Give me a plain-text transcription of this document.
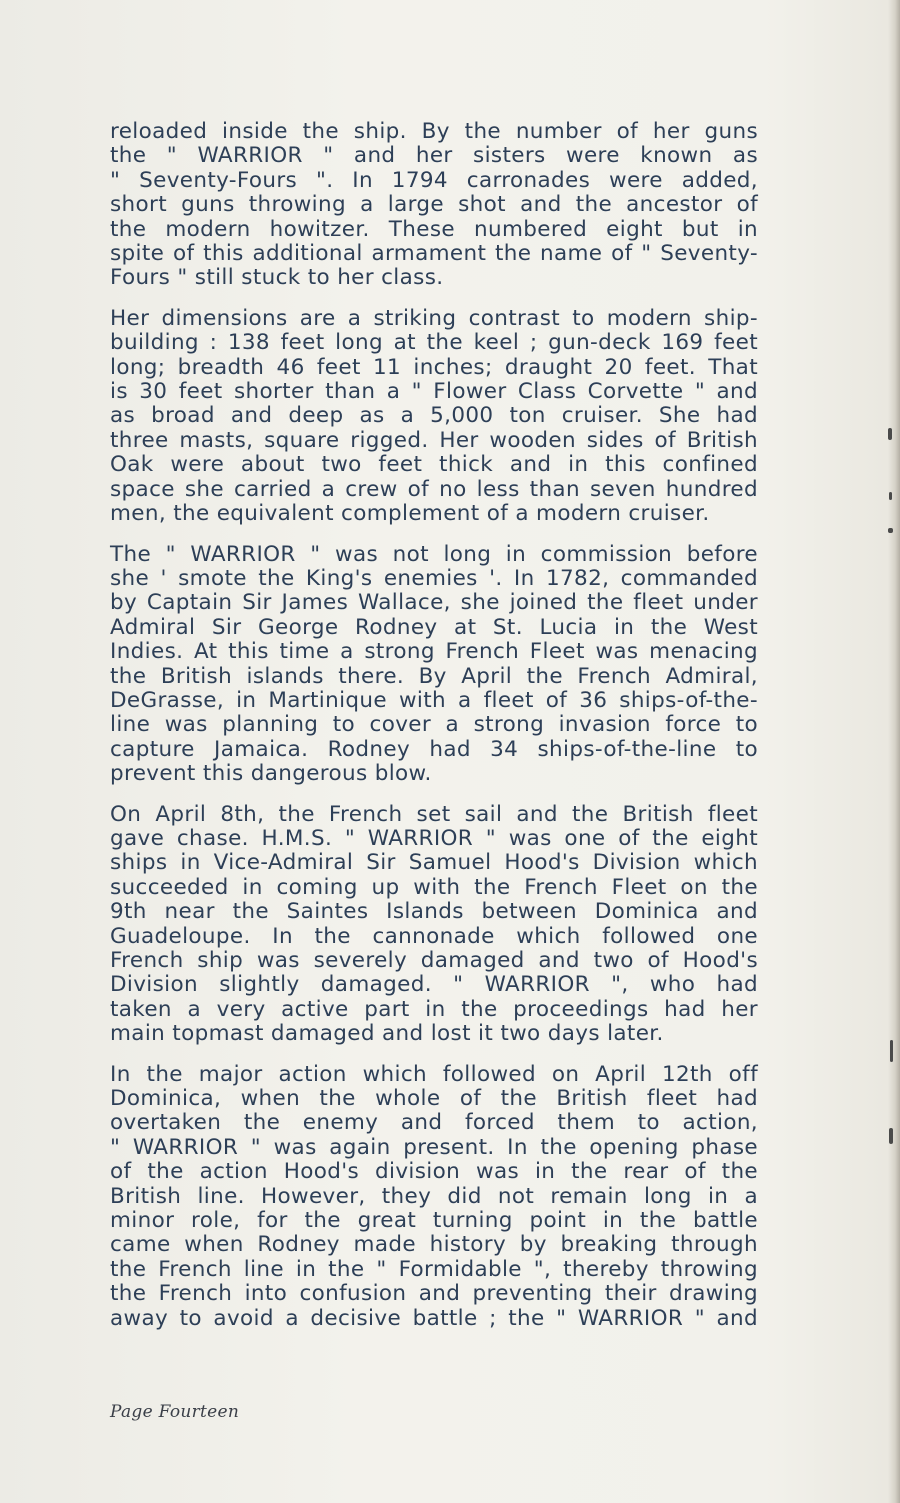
reloaded inside the ship. By the number of her guns
the " WARRIOR " and her sisters were known as
" Seventy-Fours ". In 1794 carronades were added,
short guns throwing a large shot and the ancestor of
the modern howitzer. These numbered eight but in
spite of this additional armament the name of " Seventy-
Fours " still stuck to her class.
Her dimensions are a striking contrast to modern ship-
building : 138 feet long at the keel ; gun-deck 169 feet
long; breadth 46 feet 11 inches; draught 20 feet. That
is 30 feet shorter than a " Flower Class Corvette " and
as broad and deep as a 5,000 ton cruiser. She had
three masts, square rigged. Her wooden sides of British
Oak were about two feet thick and in this confined
space she carried a crew of no less than seven hundred
men, the equivalent complement of a modern cruiser.
The " WARRIOR " was not long in commission before
she ' smote the King's enemies '. In 1782, commanded
by Captain Sir James Wallace, she joined the fleet under
Admiral Sir George Rodney at St. Lucia in the West
Indies. At this time a strong French Fleet was menacing
the British islands there. By April the French Admiral,
DeGrasse, in Martinique with a fleet of 36 ships-of-the-
line was planning to cover a strong invasion force to
capture Jamaica. Rodney had 34 ships-of-the-line to
prevent this dangerous blow.
On April 8th, the French set sail and the British fleet
gave chase. H.M.S. " WARRIOR " was one of the eight
ships in Vice-Admiral Sir Samuel Hood's Division which
succeeded in coming up with the French Fleet on the
9th near the Saintes Islands between Dominica and
Guadeloupe. In the cannonade which followed one
French ship was severely damaged and two of Hood's
Division slightly damaged. " WARRIOR ", who had
taken a very active part in the proceedings had her
main topmast damaged and lost it two days later.
In the major action which followed on April 12th off
Dominica, when the whole of the British fleet had
overtaken the enemy and forced them to action,
" WARRIOR " was again present. In the opening phase
of the action Hood's division was in the rear of the
British line. However, they did not remain long in a
minor role, for the great turning point in the battle
came when Rodney made history by breaking through
the French line in the " Formidable ", thereby throwing
the French into confusion and preventing their drawing
away to avoid a decisive battle ; the " WARRIOR " and
Page Fourteen
